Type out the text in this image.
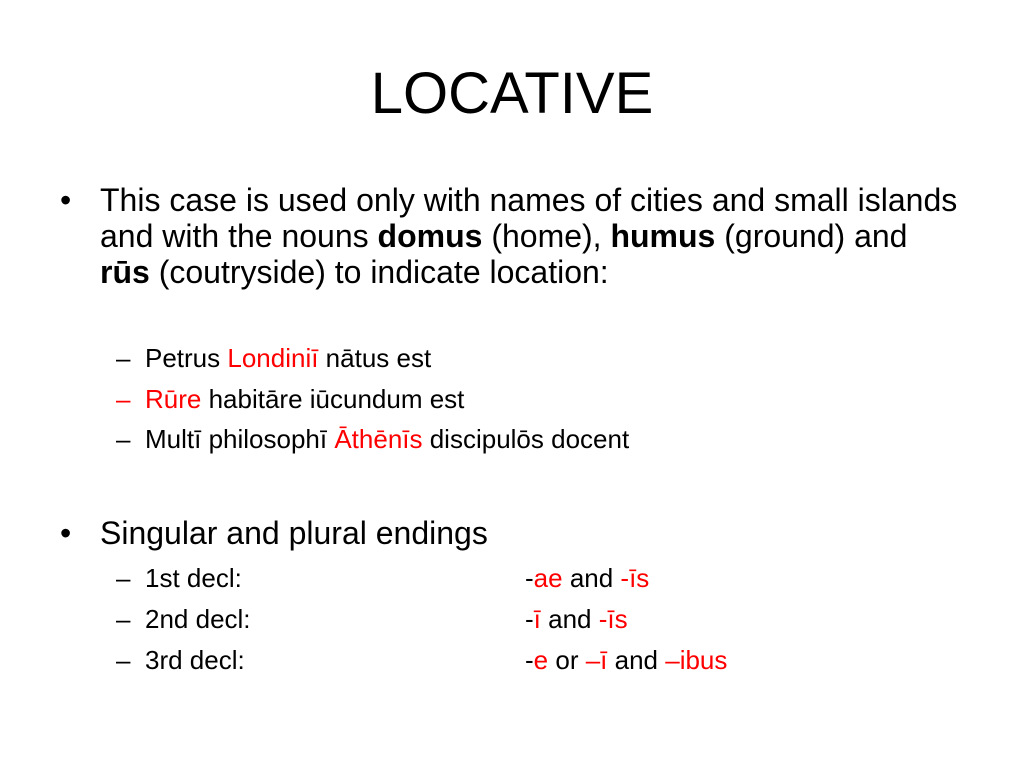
LOCATIVE
• This case is used only with names of cities and small islands and with the nouns domus (home), humus (ground) and rūs (coutryside) to indicate location:
– Petrus Londiniī nātus est
– Rūre habitāre iūcundum est
– Multī philosophī Āthēnīs discipulōs docent
• Singular and plural endings
– 1st decl:	-ae and -īs
– 2nd decl:	-ī and -īs
– 3rd decl:	-e or –ī and –ibus
